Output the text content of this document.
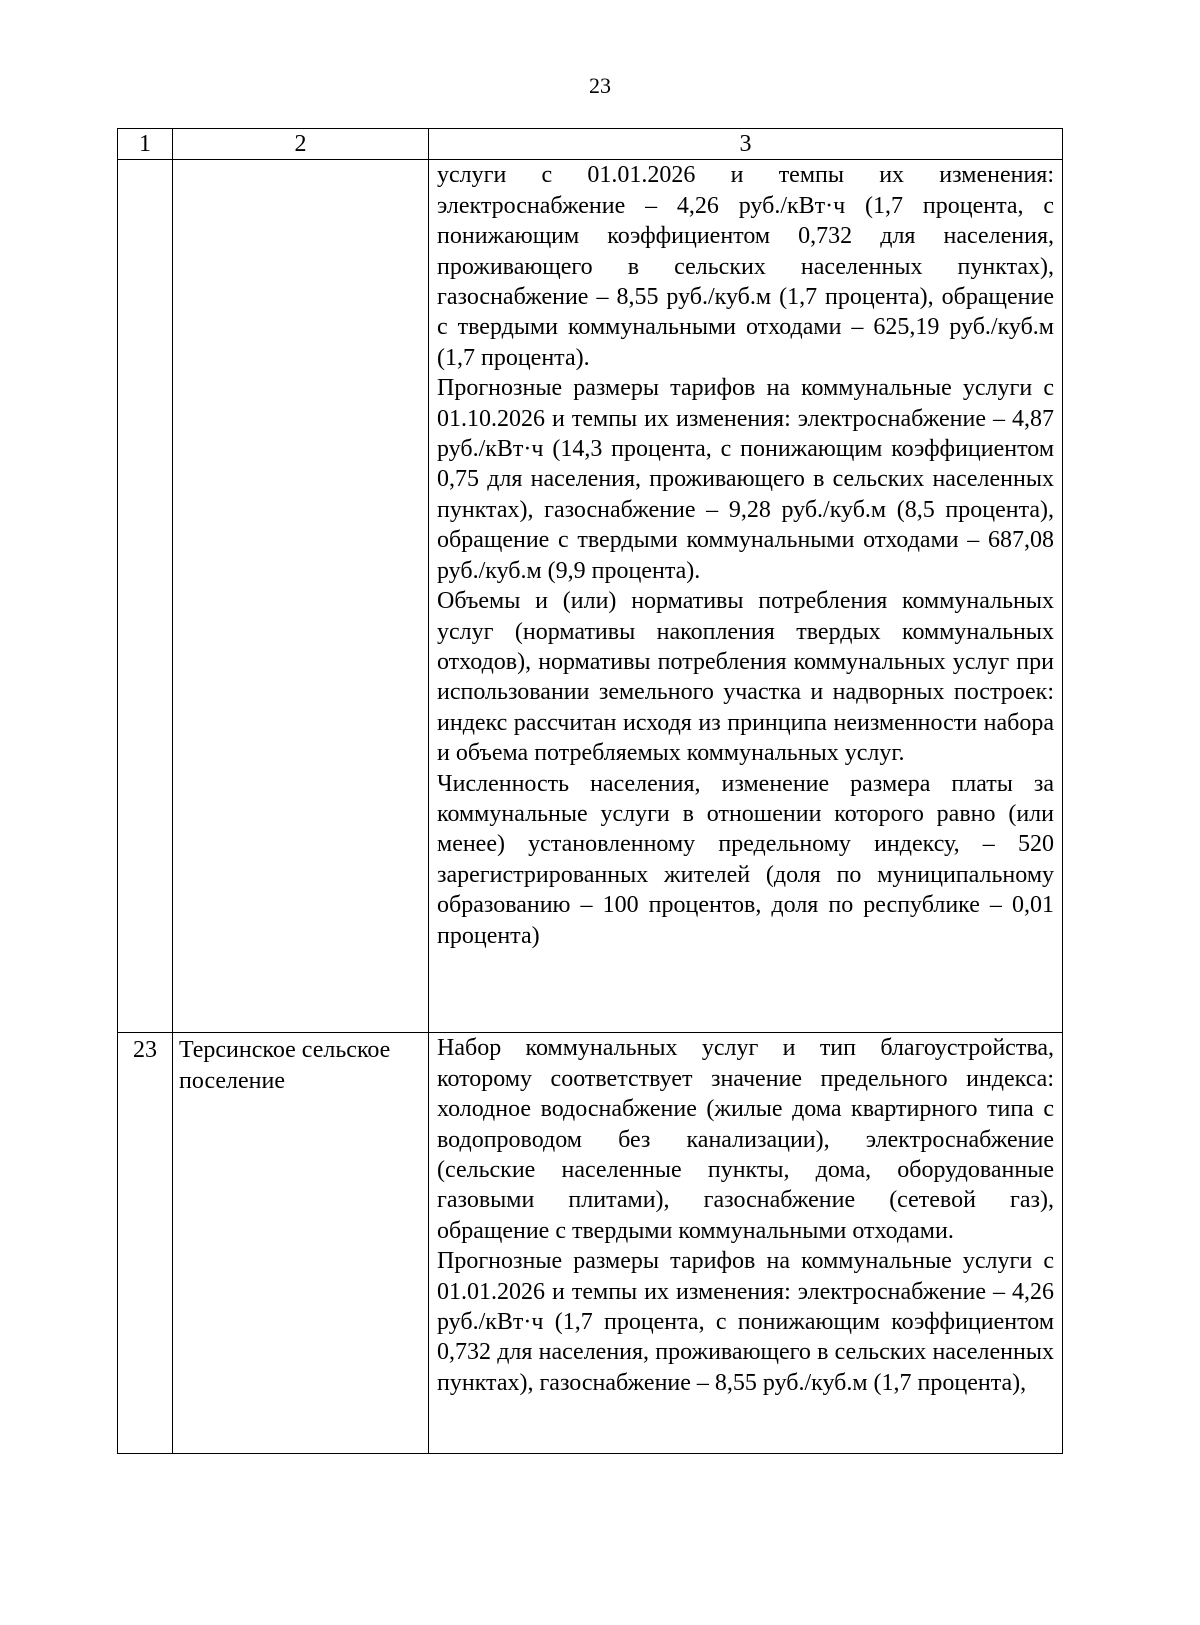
23
1	2	3

		услуги с 01.01.2026 и темпы их изменения: электроснабжение – 4,26 руб./кВт·ч (1,7 процента, с понижающим коэффициентом 0,732 для населения, проживающего в сельских населенных пунктах), газоснабжение – 8,55 руб./куб.м (1,7 процента), обращение с твердыми коммунальными отходами – 625,19 руб./куб.м (1,7 процента).

Прогнозные размеры тарифов на коммунальные услуги с 01.10.2026 и темпы их изменения: электроснабжение – 4,87 руб./кВт·ч (14,3 процента, с понижающим коэффициентом 0,75 для населения, проживающего в сельских населенных пунктах), газоснабжение – 9,28 руб./куб.м (8,5 процента), обращение с твердыми коммунальными отходами – 687,08 руб./куб.м (9,9 процента).

Объемы и (или) нормативы потребления коммунальных услуг (нормативы накопления твердых коммунальных отходов), нормативы потребления коммунальных услуг при использовании земельного участка и надворных построек: индекс рассчитан исходя из принципа неизменности набора и объема потребляемых коммунальных услуг.

Численность населения, изменение размера платы за коммунальные услуги в отношении которого равно (или менее) установленному предельному индексу, – 520 зарегистрированных жителей (доля по муниципальному образованию – 100 процентов, доля по республике – 0,01 процента)

23	Терсинское сельское поселение	Набор коммунальных услуг и тип благоустройства, которому соответствует значение предельного индекса: холодное водоснабжение (жилые дома квартирного типа с водопроводом без канализации), электроснабжение (сельские населенные пункты, дома, оборудованные газовыми плитами), газоснабжение (сетевой газ), обращение с твердыми коммунальными отходами.

Прогнозные размеры тарифов на коммунальные услуги с 01.01.2026 и темпы их изменения: электроснабжение – 4,26 руб./кВт·ч (1,7 процента, с понижающим коэффициентом 0,732 для населения, проживающего в сельских населенных пунктах), газоснабжение – 8,55 руб./куб.м (1,7 процента),
